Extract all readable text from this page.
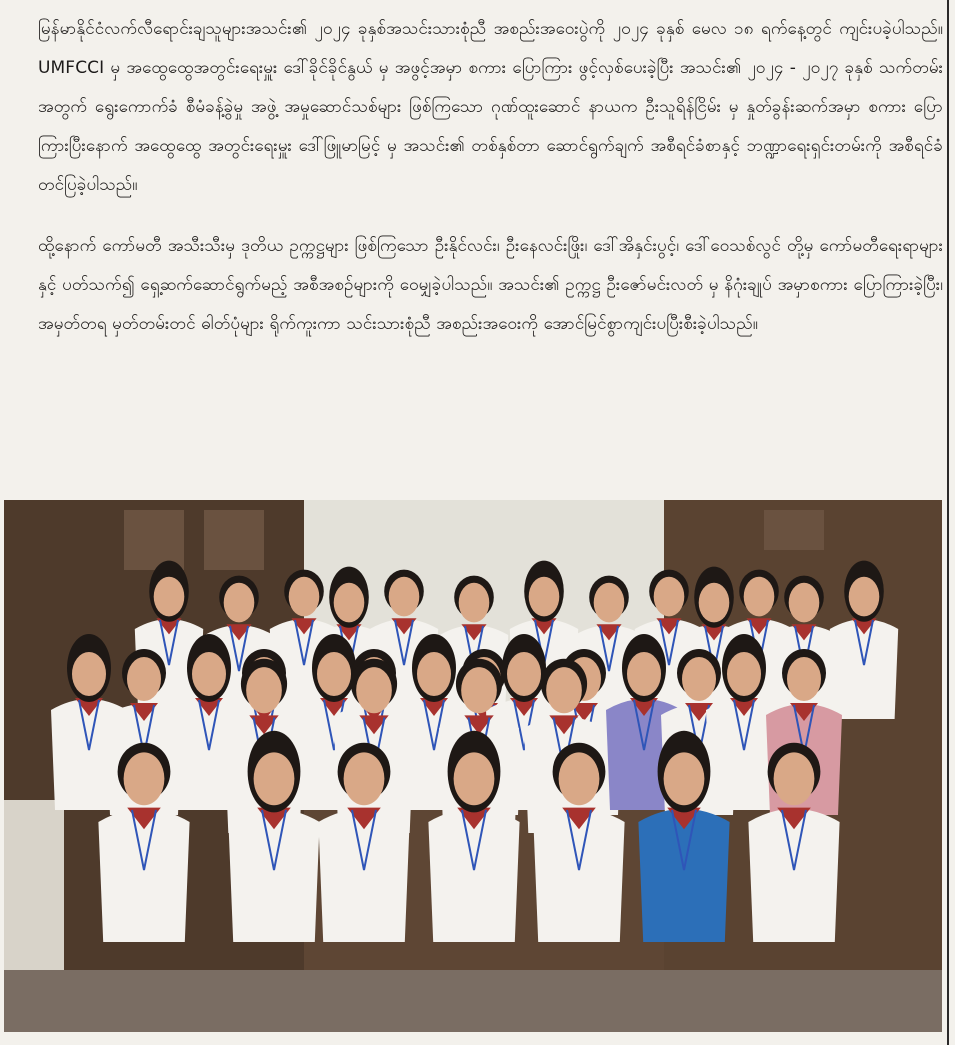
မြန်မာနိုင်ငံလက်လီရောင်းချသူများအသင်း၏ ၂၀၂၄ ခုနှစ်အသင်းသားစုံညီ အစည်းအဝေးပွဲကို ၂၀၂၄ ခုနှစ် မေလ ၁၈ ရက်နေ့တွင် ကျင်းပခဲ့ပါသည်။ UMFCCI မှ အထွေထွေအတွင်းရေးမှူး ဒေါ်ခိုင်ခိုင်နွယ် မှ အဖွင့်အမှာ စကား ပြောကြား ဖွင့်လှစ်ပေးခဲ့ပြီး အသင်း၏ ၂၀၂၄ - ၂၀၂၇ ခုနှစ် သက်တမ်းအတွက် ရွေးကောက်ခံ စီမံခန့်ခွဲမှု အဖွဲ့ အမှုဆောင်သစ်များ ဖြစ်ကြသော ဂုဏ်ထူးဆောင် နာယက ဦးသူရိန်ငြိမ်း မှ နှုတ်ခွန်းဆက်အမှာ စကား ပြောကြားပြီးနောက် အထွေထွေ အတွင်းရေးမှူး ဒေါ်ဖြူမာမြင့် မှ အသင်း၏ တစ်နှစ်တာ ဆောင်ရွက်ချက် အစီရင်ခံစာနှင့် ဘဏ္ဍာရေးရှင်းတမ်းကို အစီရင်ခံ တင်ပြခဲ့ပါသည်။

ထို့နောက် ကော်မတီ အသီးသီးမှ ဒုတိယ ဥက္ကဋ္ဌများ ဖြစ်ကြသော ဦးနိုင်လင်း၊ ဦးနေလင်းဖြိုး၊ ဒေါ်အိနှင်းပွင့်၊ ဒေါ်ဝေသစ်လွင် တို့မှ ကော်မတီရေးရာများနှင့် ပတ်သက်၍ ရှေ့ဆက်ဆောင်ရွက်မည့် အစီအစဉ်များကို ဝေမျှခဲ့ပါသည်။ အသင်း၏ ဥက္ကဋ္ဌ ဦးဇော်မင်းလတ် မှ နိဂုံးချုပ် အမှာစကား ပြောကြားခဲ့ပြီး၊ အမှတ်တရ မှတ်တမ်းတင် ဓါတ်ပုံများ ရိုက်ကူးကာ သင်းသားစုံညီ အစည်းအဝေးကို အောင်မြင်စွာကျင်းပပြီးစီးခဲ့ပါသည်။
